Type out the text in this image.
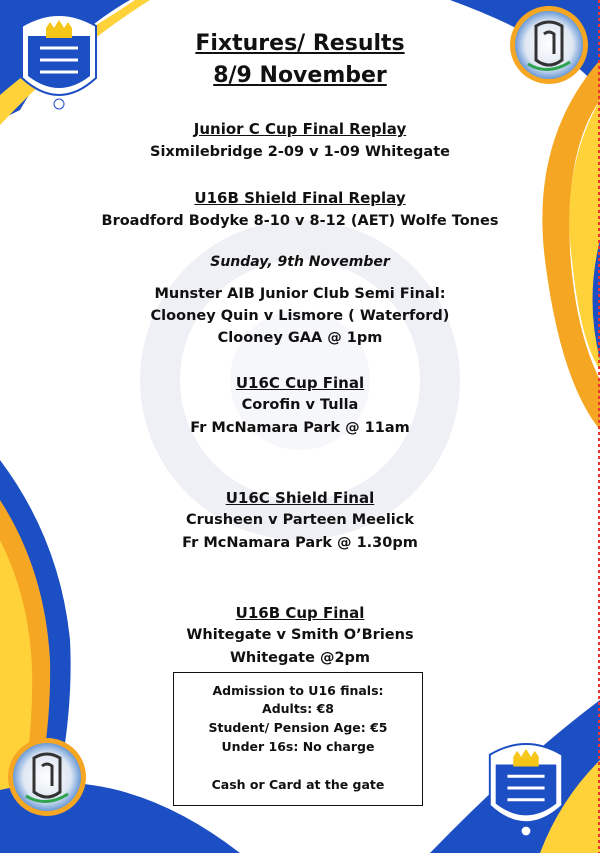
Fixtures/ Results
8/9 November
Junior C Cup Final Replay
Sixmilebridge 2-09 v 1-09 Whitegate
U16B Shield Final Replay
Broadford Bodyke 8-10 v 8-12 (AET) Wolfe Tones
Sunday, 9th November
Munster AIB Junior Club Semi Final:
Clooney Quin v Lismore ( Waterford)
Clooney GAA @ 1pm
U16C Cup Final
Corofin v Tulla
Fr McNamara Park @ 11am
U16C Shield Final
Crusheen v Parteen Meelick
Fr McNamara Park @ 1.30pm
U16B Cup Final
Whitegate v Smith O’Briens
Whitegate @2pm
Admission to U16 finals:
Adults: €8
Student/ Pension Age: €5
Under 16s: No charge
Cash or Card at the gate
